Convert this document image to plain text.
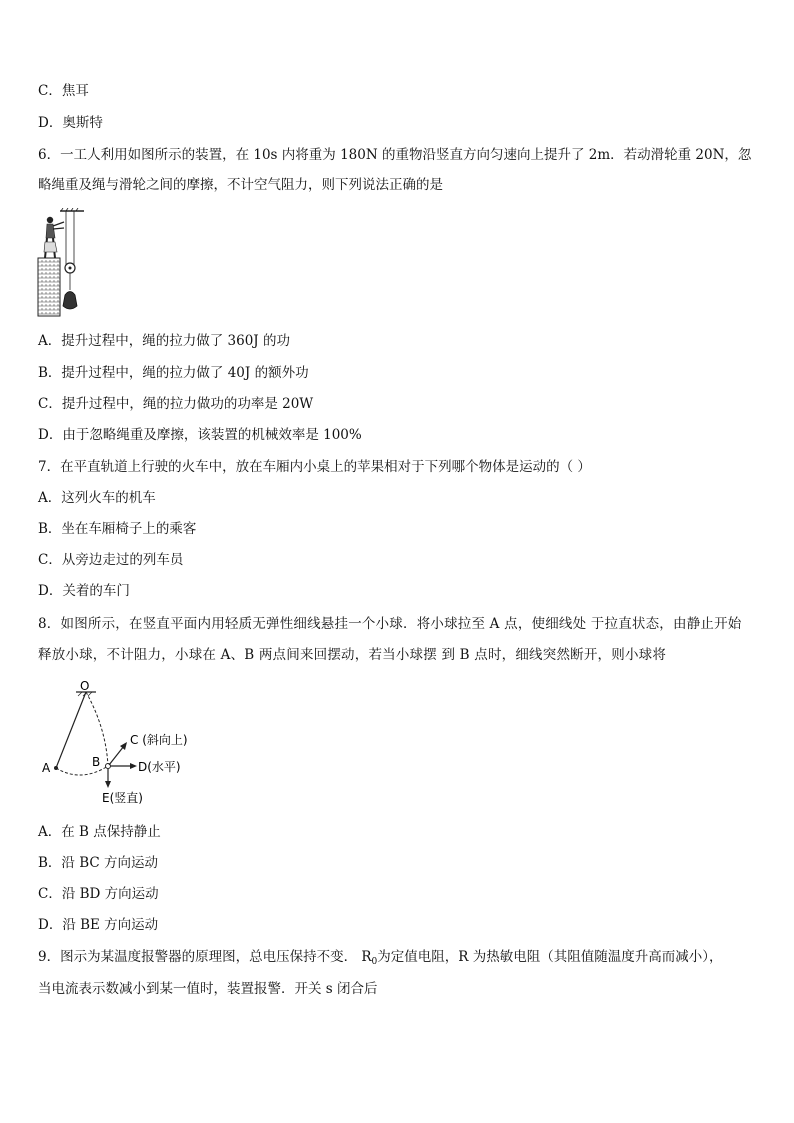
C．焦耳
D．奥斯特
6．一工人利用如图所示的装置，在 10s 内将重为 180N 的重物沿竖直方向匀速向上提升了 2m．若动滑轮重 20N，忽
略绳重及绳与滑轮之间的摩擦，不计空气阻力，则下列说法正确的是
A．提升过程中，绳的拉力做了 360J 的功
B．提升过程中，绳的拉力做了 40J 的额外功
C．提升过程中，绳的拉力做功的功率是 20W
D．由于忽略绳重及摩擦，该装置的机械效率是 100%
7．在平直轨道上行驶的火车中，放在车厢内小桌上的苹果相对于下列哪个物体是运动的（ ）
A．这列火车的机车
B．坐在车厢椅子上的乘客
C．从旁边走过的列车员
D．关着的车门
8．如图所示，在竖直平面内用轻质无弹性细线悬挂一个小球．将小球拉至 A 点，使细线处 于拉直状态，由静止开始
释放小球，不计阻力，小球在 A、B 两点间来回摆动，若当小球摆 到 B 点时，细线突然断开，则小球将
O
A	B
C (斜向上)
D(水平)
E(竖直)
A．在 B 点保持静止
B．沿 BC 方向运动
C．沿 BD 方向运动
D．沿 BE 方向运动
9．图示为某温度报警器的原理图，总电压保持不变． $R_0$为定值电阻，R 为热敏电阻（其阻值随温度升高而减小），
当电流表示数减小到某一值时，装置报警．开关 s 闭合后
